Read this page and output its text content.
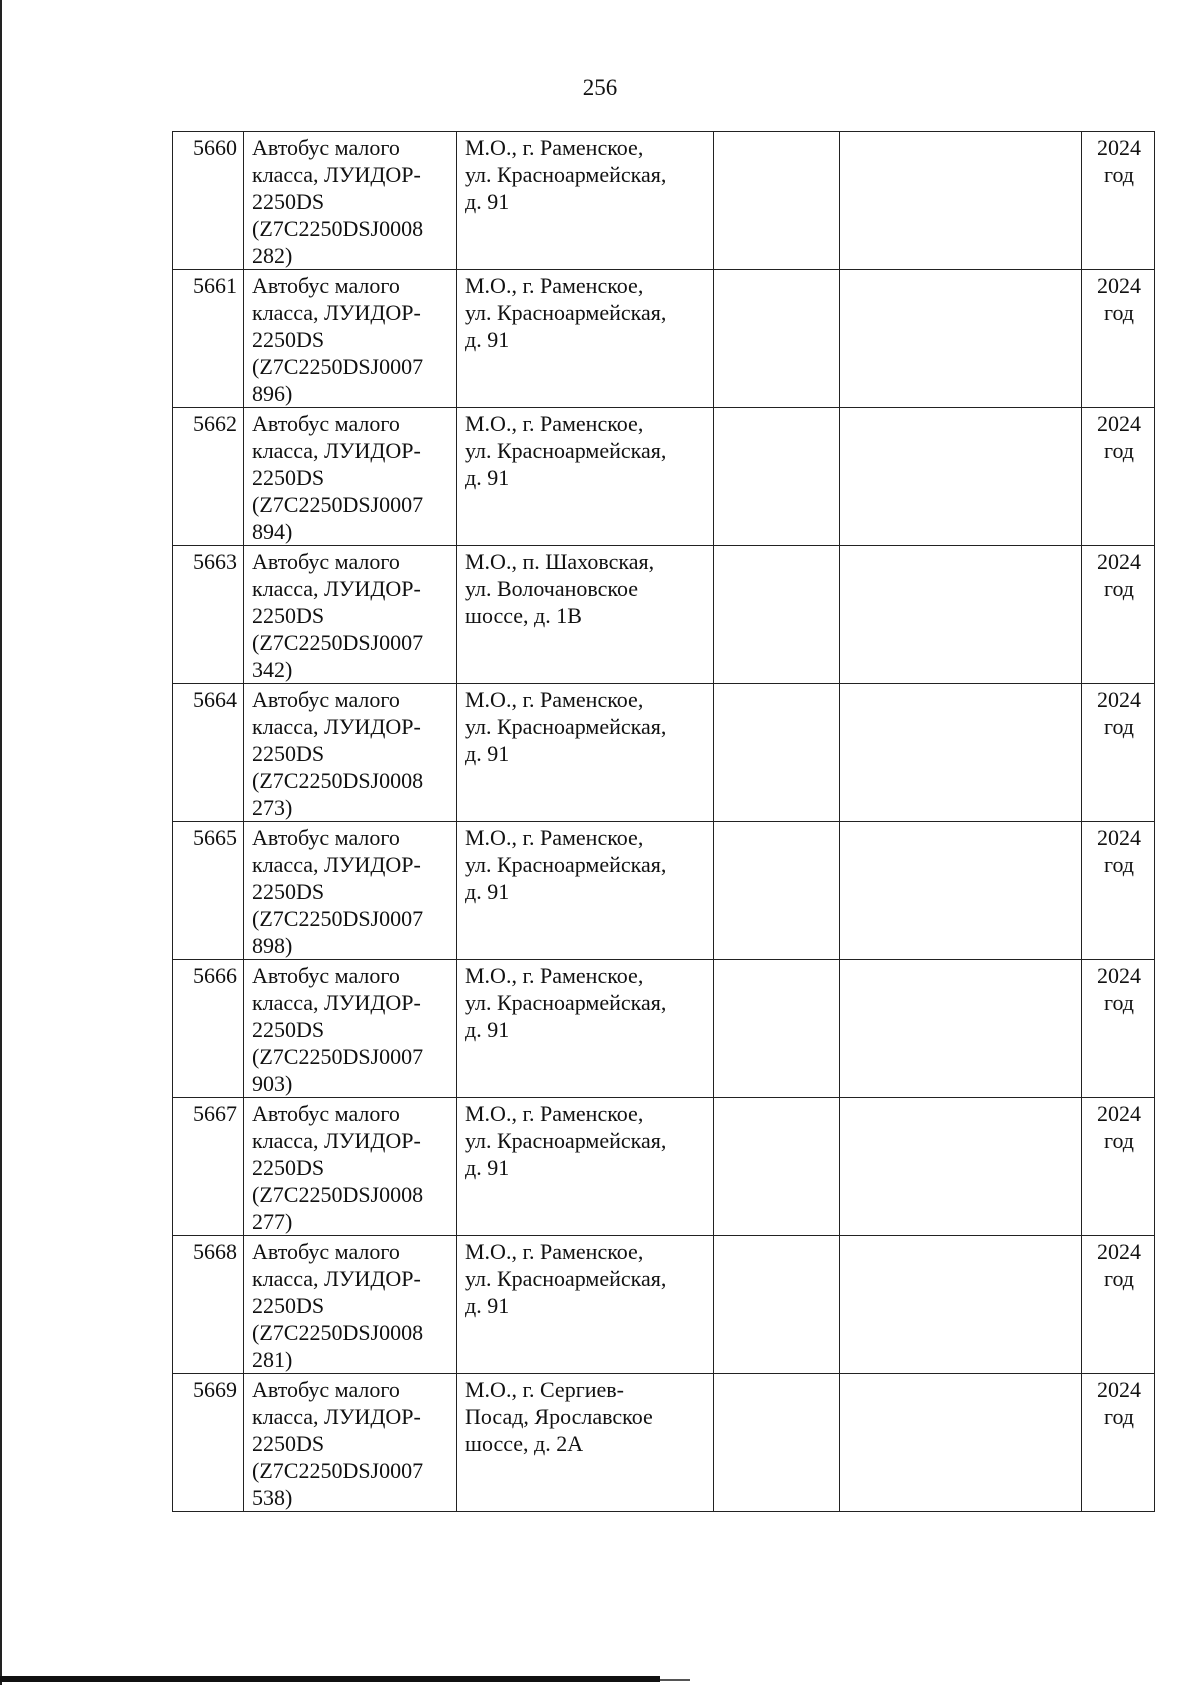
256
5660	Автобус малого
класса, ЛУИДОР-
2250DS
(Z7C2250DSJ0008
282)	М.О., г. Раменское,
ул. Красноармейская,
д. 91			2024
год
5661	Автобус малого
класса, ЛУИДОР-
2250DS
(Z7C2250DSJ0007
896)	М.О., г. Раменское,
ул. Красноармейская,
д. 91			2024
год
5662	Автобус малого
класса, ЛУИДОР-
2250DS
(Z7C2250DSJ0007
894)	М.О., г. Раменское,
ул. Красноармейская,
д. 91			2024
год
5663	Автобус малого
класса, ЛУИДОР-
2250DS
(Z7C2250DSJ0007
342)	М.О., п. Шаховская,
ул. Волочановское
шоссе, д. 1В			2024
год
5664	Автобус малого
класса, ЛУИДОР-
2250DS
(Z7C2250DSJ0008
273)	М.О., г. Раменское,
ул. Красноармейская,
д. 91			2024
год
5665	Автобус малого
класса, ЛУИДОР-
2250DS
(Z7C2250DSJ0007
898)	М.О., г. Раменское,
ул. Красноармейская,
д. 91			2024
год
5666	Автобус малого
класса, ЛУИДОР-
2250DS
(Z7C2250DSJ0007
903)	М.О., г. Раменское,
ул. Красноармейская,
д. 91			2024
год
5667	Автобус малого
класса, ЛУИДОР-
2250DS
(Z7C2250DSJ0008
277)	М.О., г. Раменское,
ул. Красноармейская,
д. 91			2024
год
5668	Автобус малого
класса, ЛУИДОР-
2250DS
(Z7C2250DSJ0008
281)	М.О., г. Раменское,
ул. Красноармейская,
д. 91			2024
год
5669	Автобус малого
класса, ЛУИДОР-
2250DS
(Z7C2250DSJ0007
538)	М.О., г. Сергиев-
Посад, Ярославское
шоссе, д. 2А			2024
год
